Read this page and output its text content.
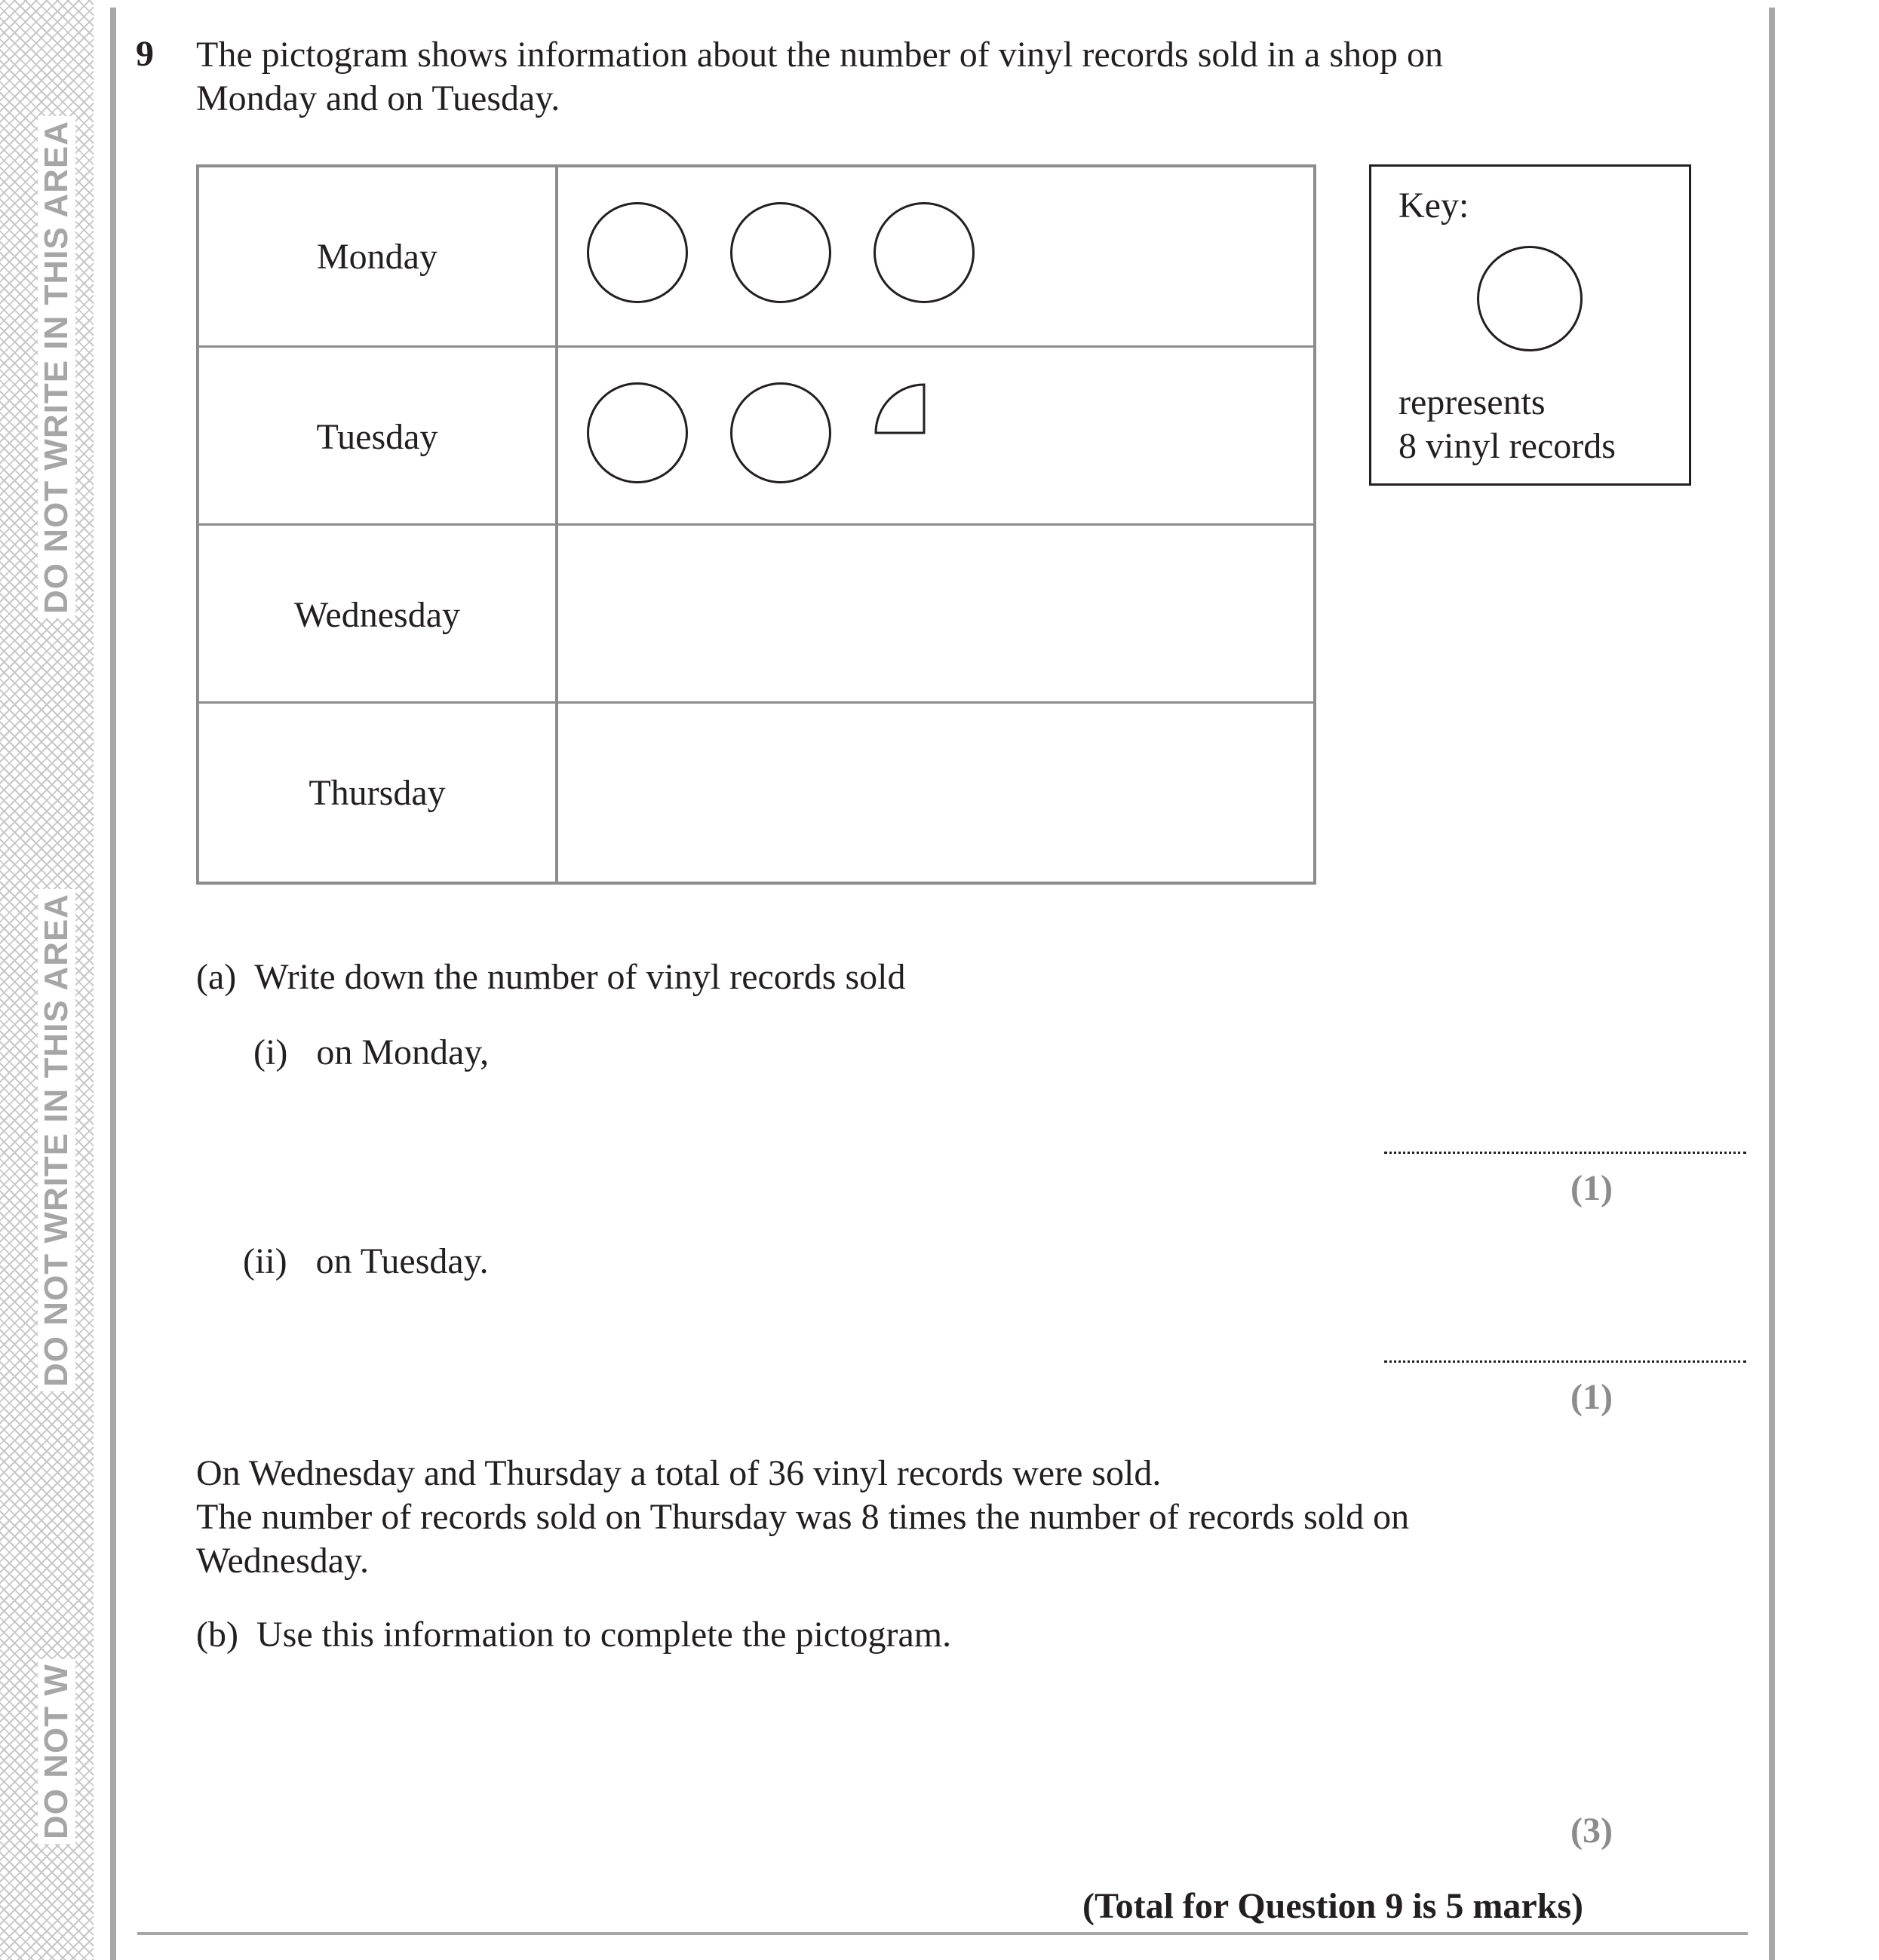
DO NOT WRITE IN THIS AREA
DO NOT WRITE IN THIS AREA
DO NOT W
9 The pictogram shows information about the number of vinyl records sold in a shop on
Monday and on Tuesday.
Monday
Tuesday
Wednesday
Thursday
Key:
represents
8 vinyl records
(a) Write down the number of vinyl records sold
(i) on Monday,
(1)
(ii) on Tuesday.
(1)
On Wednesday and Thursday a total of 36 vinyl records were sold.
The number of records sold on Thursday was 8 times the number of records sold on
Wednesday.
(b) Use this information to complete the pictogram.
(3)
(Total for Question 9 is 5 marks)
